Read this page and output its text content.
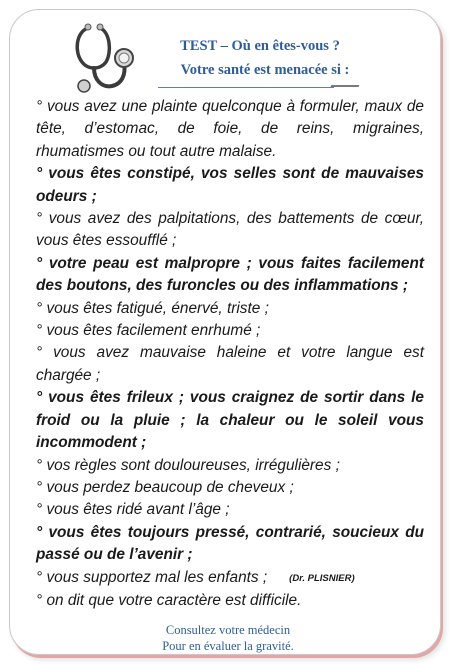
TEST – Où en êtes-vous ?
Votre santé est menacée si :

° vous avez une plainte quelconque à formuler, maux de tête, d’estomac, de foie, de reins, migraines, rhumatismes ou tout autre malaise.

° vous êtes constipé, vos selles sont de mauvaises odeurs ;

° vous avez des palpitations, des battements de cœur, vous êtes essoufflé ;

° votre peau est malpropre ; vous faites facilement des boutons, des furoncles ou des inflammations ;

° vous êtes fatigué, énervé, triste ;

° vous êtes facilement enrhumé ;

° vous avez mauvaise haleine et votre langue est chargée ;

° vous êtes frileux ; vous craignez de sortir dans le froid ou la pluie ; la chaleur ou le soleil vous incommodent ;

° vos règles sont douloureuses, irrégulières ;

° vous perdez beaucoup de cheveux ;

° vous êtes ridé avant l’âge ;

° vous êtes toujours pressé, contrarié, soucieux du passé ou de l’avenir ;

° vous supportez mal les enfants ; (Dr. PLISNIER)

° on dit que votre caractère est difficile.

Consultez votre médecin
Pour en évaluer la gravité.
